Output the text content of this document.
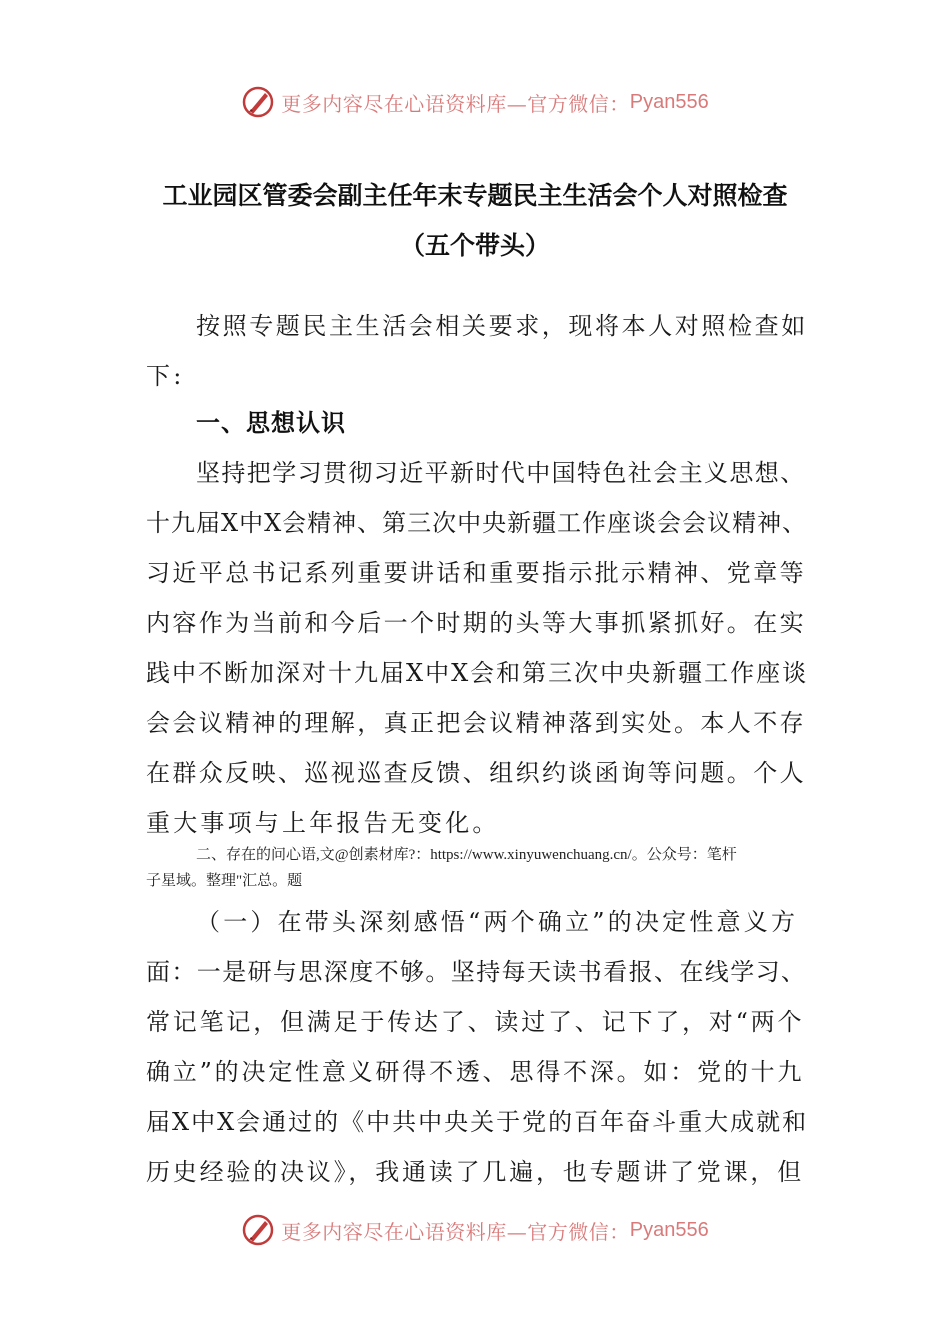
更多内容尽在心语资料库—官方微信： Pyan556
工业园区管委会副主任年末专题民主生活会个人对照检查
（五个带头）
按照专题民主生活会相关要求，现将本人对照检查如
下:
一、思想认识
坚持把学习贯彻习近平新时代中国特色社会主义思想、
十九届X中X会精神、第三次中央新疆工作座谈会会议精神、
习近平总书记系列重要讲话和重要指示批示精神、党章等
内容作为当前和今后一个时期的头等大事抓紧抓好。在实
践中不断加深对十九届X中X会和第三次中央新疆工作座谈
会会议精神的理解，真正把会议精神落到实处。本人不存
在群众反映、巡视巡查反馈、组织约谈函询等问题。个人
重大事项与上年报告无变化。
二、存在的问心语,文@创素材库?：https://www.xinyuwenchuang.cn/。公众号：笔杆
子星域。整理"汇总。题
（一）在带头深刻感悟“两个确立”的决定性意义方
面：一是研与思深度不够。坚持每天读书看报、在线学习、
常记笔记，但满足于传达了、读过了、记下了，对“两个
确立”的决定性意义研得不透、思得不深。如：党的十九
届X中X会通过的《中共中央关于党的百年奋斗重大成就和
历史经验的决议》，我通读了几遍，也专题讲了党课，但
更多内容尽在心语资料库—官方微信： Pyan556
